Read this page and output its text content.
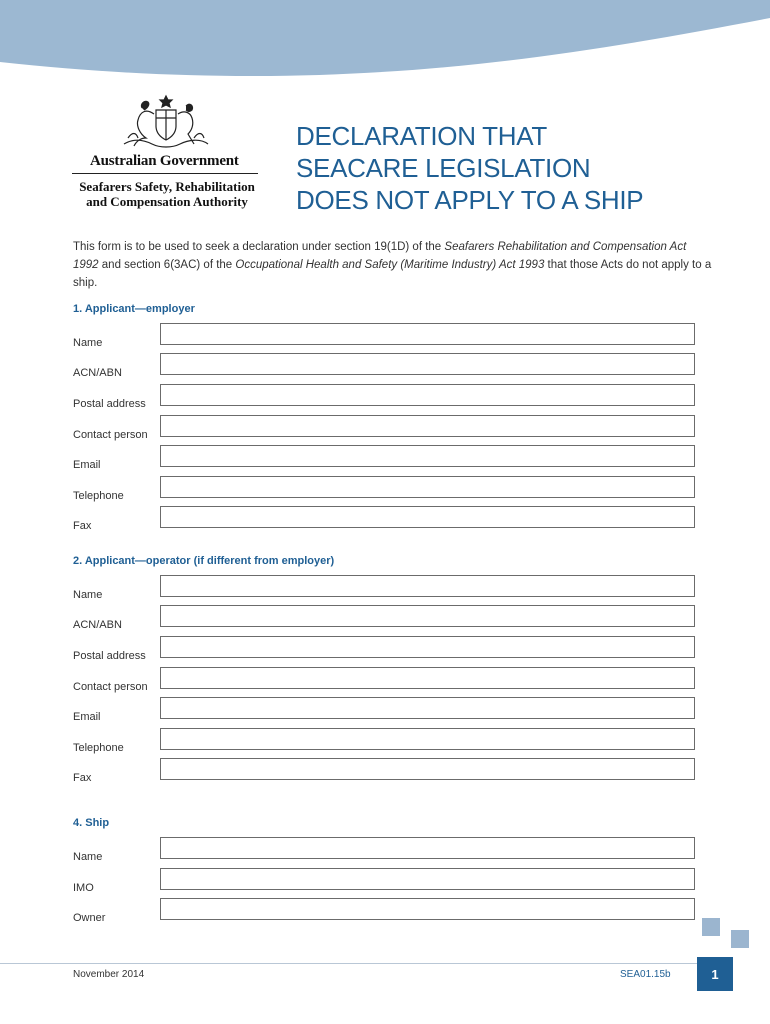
Australian Government
Seafarers Safety, Rehabilitation
and Compensation Authority
DECLARATION THAT
SEACARE LEGISLATION
DOES NOT APPLY TO A SHIP
This form is to be used to seek a declaration under section 19(1D) of the Seafarers Rehabilitation and Compensation Act 1992 and section 6(3AC) of the Occupational Health and Safety (Maritime Industry) Act 1993 that those Acts do not apply to a ship.
1. Applicant—employer
Name
ACN/ABN
Postal address
Contact person
Email
Telephone
Fax
2. Applicant—operator (if different from employer)
Name
ACN/ABN
Postal address
Contact person
Email
Telephone
Fax
4. Ship
Name
IMO
Owner
November 2014	SEA01.15b	1
